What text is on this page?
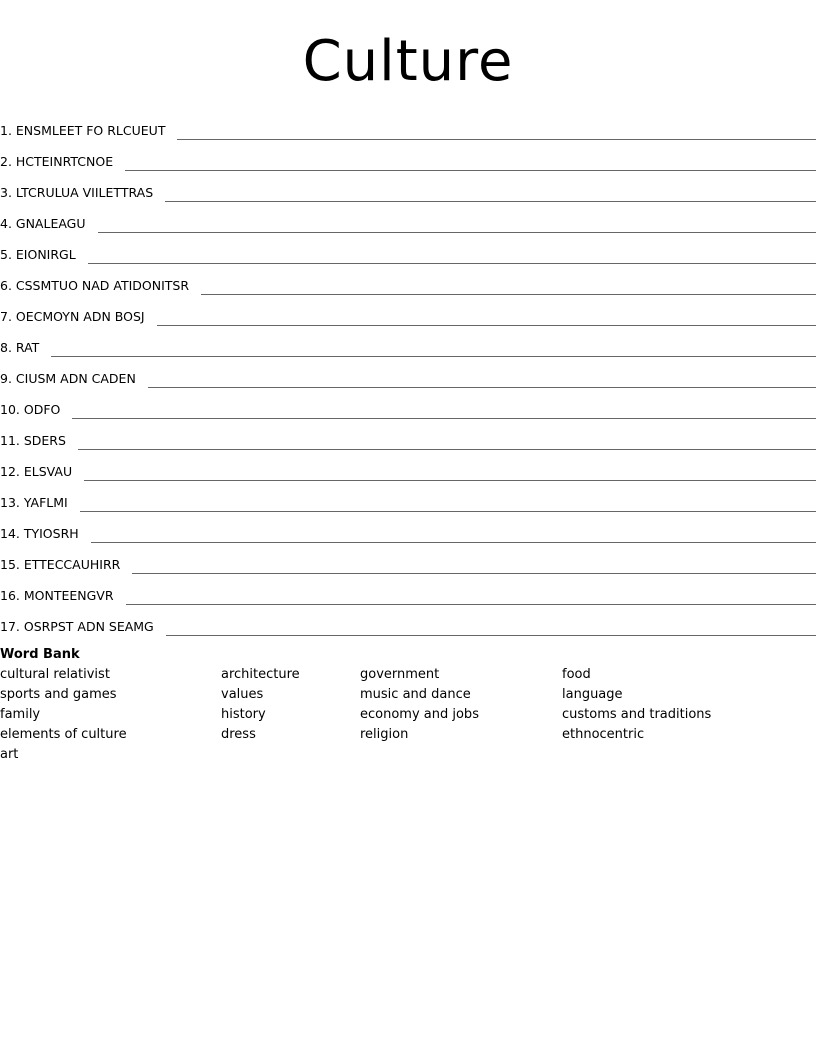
Culture
1. ENSMLEET FO RLCUEUT
2. HCTEINRTCNOE
3. LTCRULUA VIILETTRAS
4. GNALEAGU
5. EIONIRGL
6. CSSMTUO NAD ATIDONITSR
7. OECMOYN ADN BOSJ
8. RAT
9. CIUSM ADN CADEN
10. ODFO
11. SDERS
12. ELSVAU
13. YAFLMI
14. TYIOSRH
15. ETTECCAUHIRR
16. MONTEENGVR
17. OSRPST ADN SEAMG
Word Bank
cultural relativist	architecture	government	food
sports and games	values	music and dance	language
family	history	economy and jobs	customs and traditions
elements of culture	dress	religion	ethnocentric
art
